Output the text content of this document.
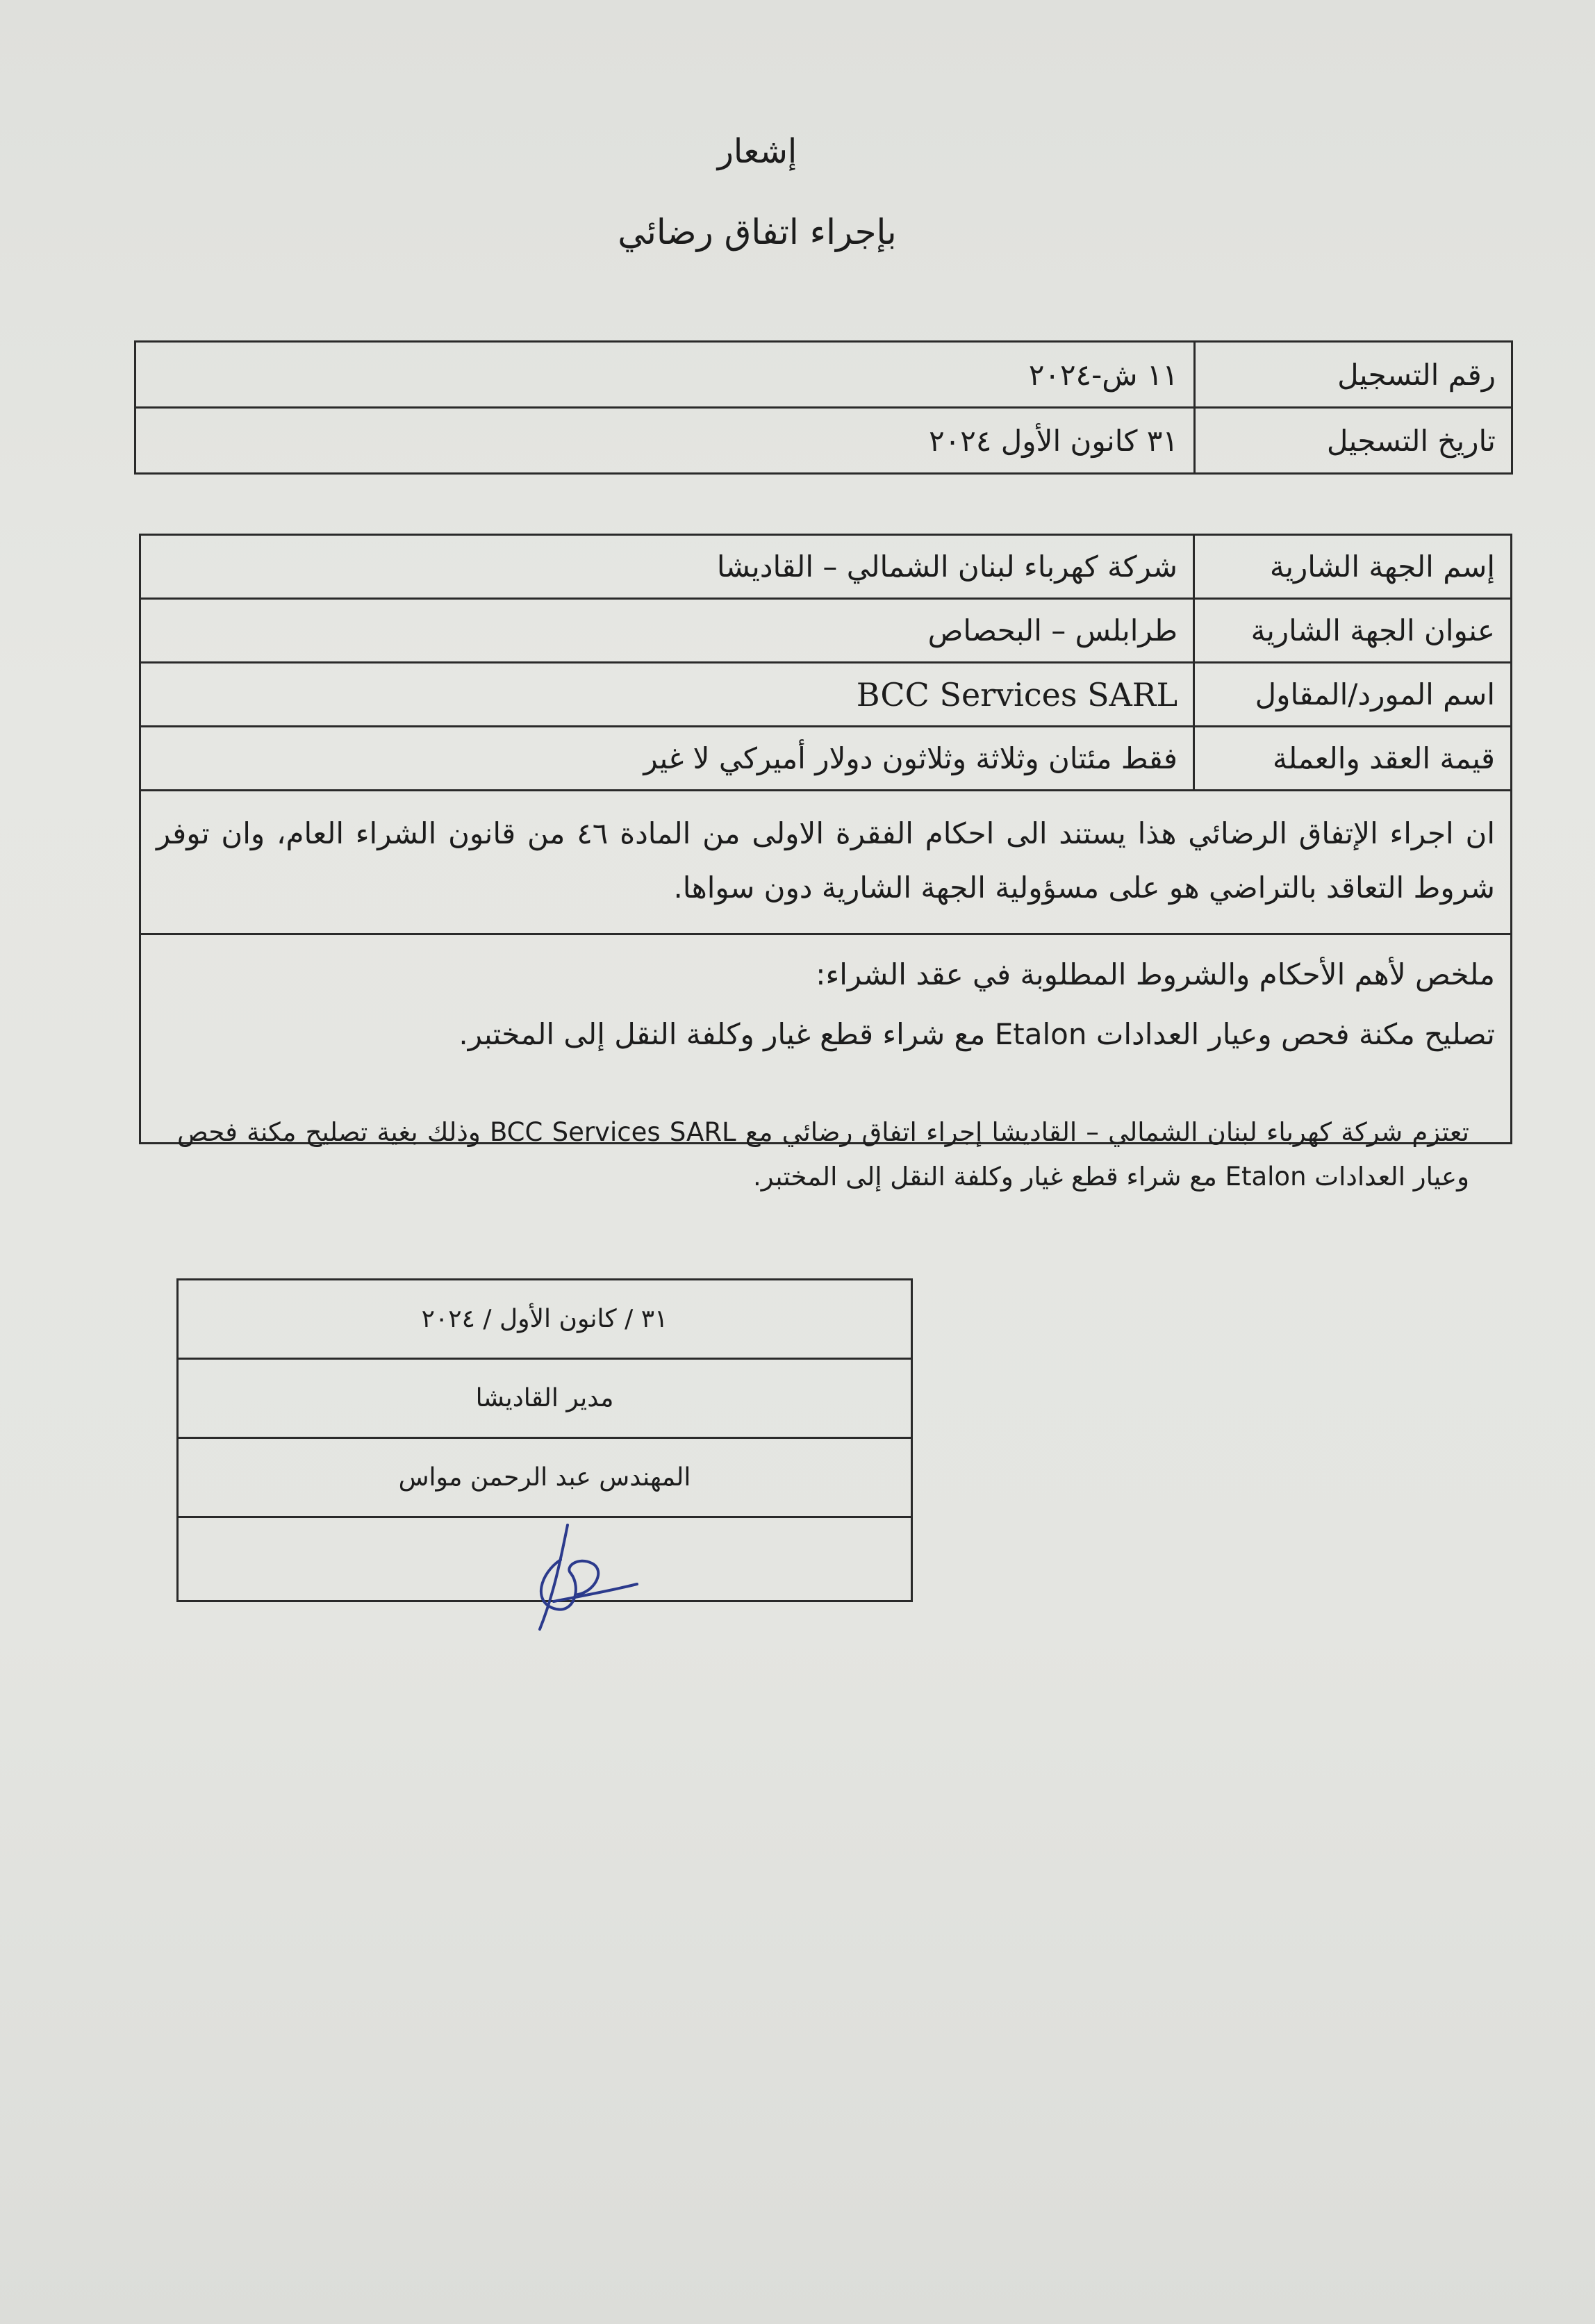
إشعار
بإجراء اتفاق رضائي
رقم التسجيل	١١ ش-٢٠٢٤
تاريخ التسجيل	٣١ كانون الأول ٢٠٢٤
إسم الجهة الشارية	شركة كهرباء لبنان الشمالي – القاديشا
عنوان الجهة الشارية	طرابلس – البحصاص
اسم المورد/المقاول	BCC Services SARL
قيمة العقد والعملة	فقط مئتان وثلاثة وثلاثون دولار أميركي لا غير
ان اجراء الإتفاق الرضائي هذا يستند الى احكام الفقرة الاولى من المادة ٤٦ من قانون الشراء العام، وان توفر شروط التعاقد بالتراضي هو على مسؤولية الجهة الشارية دون سواها.	

ملخص لأهم الأحكام والشروط المطلوبة في عقد الشراء:
تصليح مكنة فحص وعيار العدادات Etalon مع شراء قطع غيار وكلفة النقل إلى المختبر.	
تعتزم شركة كهرباء لبنان الشمالي – القاديشا إجراء اتفاق رضائي مع BCC Services SARL وذلك بغية تصليح مكنة فحص وعيار العدادات Etalon مع شراء قطع غيار وكلفة النقل إلى المختبر.
٣١ / كانون الأول / ٢٠٢٤
مدير القاديشا
المهندس عبد الرحمن مواس
